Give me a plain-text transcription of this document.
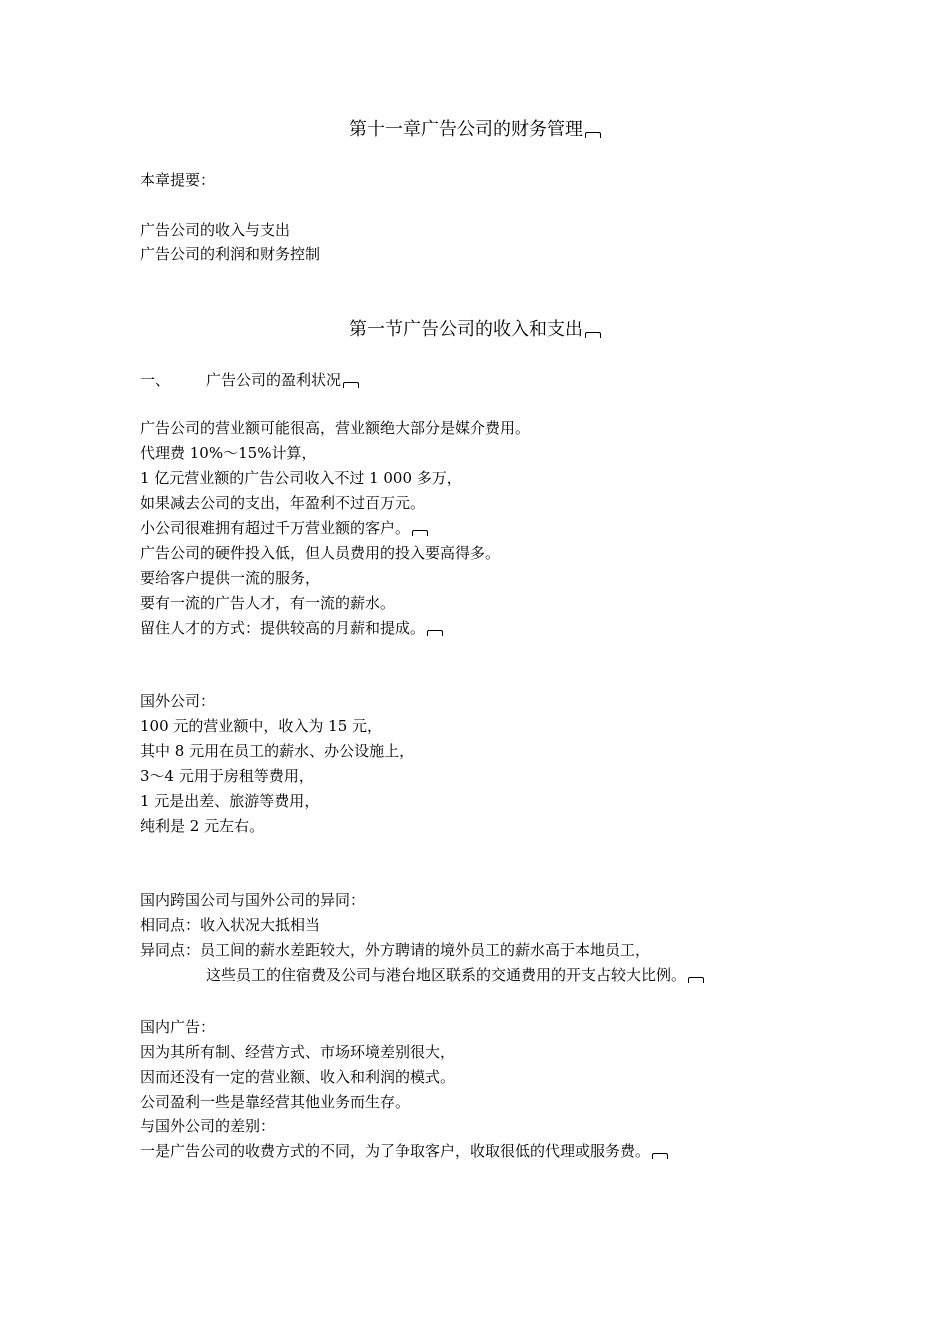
第十一章广告公司的财务管理
本章提要：
广告公司的收入与支出
广告公司的利润和财务控制
第一节广告公司的收入和支出
一、 广告公司的盈利状况
广告公司的营业额可能很高，营业额绝大部分是媒介费用。
代理费 10%～15%计算，
1 亿元营业额的广告公司收入不过 1 000 多万，
如果减去公司的支出，年盈利不过百万元。
小公司很难拥有超过千万营业额的客户。
广告公司的硬件投入低，但人员费用的投入要高得多。
要给客户提供一流的服务，
要有一流的广告人才，有一流的薪水。
留住人才的方式：提供较高的月薪和提成。
国外公司：
100 元的营业额中，收入为 15 元，
其中 8 元用在员工的薪水、办公设施上，
3～4 元用于房租等费用，
1 元是出差、旅游等费用，
纯利是 2 元左右。
国内跨国公司与国外公司的异同：
相同点：收入状况大抵相当
异同点：员工间的薪水差距较大，外方聘请的境外员工的薪水高于本地员工，
这些员工的住宿费及公司与港台地区联系的交通费用的开支占较大比例。
国内广告：
因为其所有制、经营方式、市场环境差别很大，
因而还没有一定的营业额、收入和利润的模式。
公司盈利一些是靠经营其他业务而生存。
与国外公司的差别：
一是广告公司的收费方式的不同，为了争取客户，收取很低的代理或服务费。
